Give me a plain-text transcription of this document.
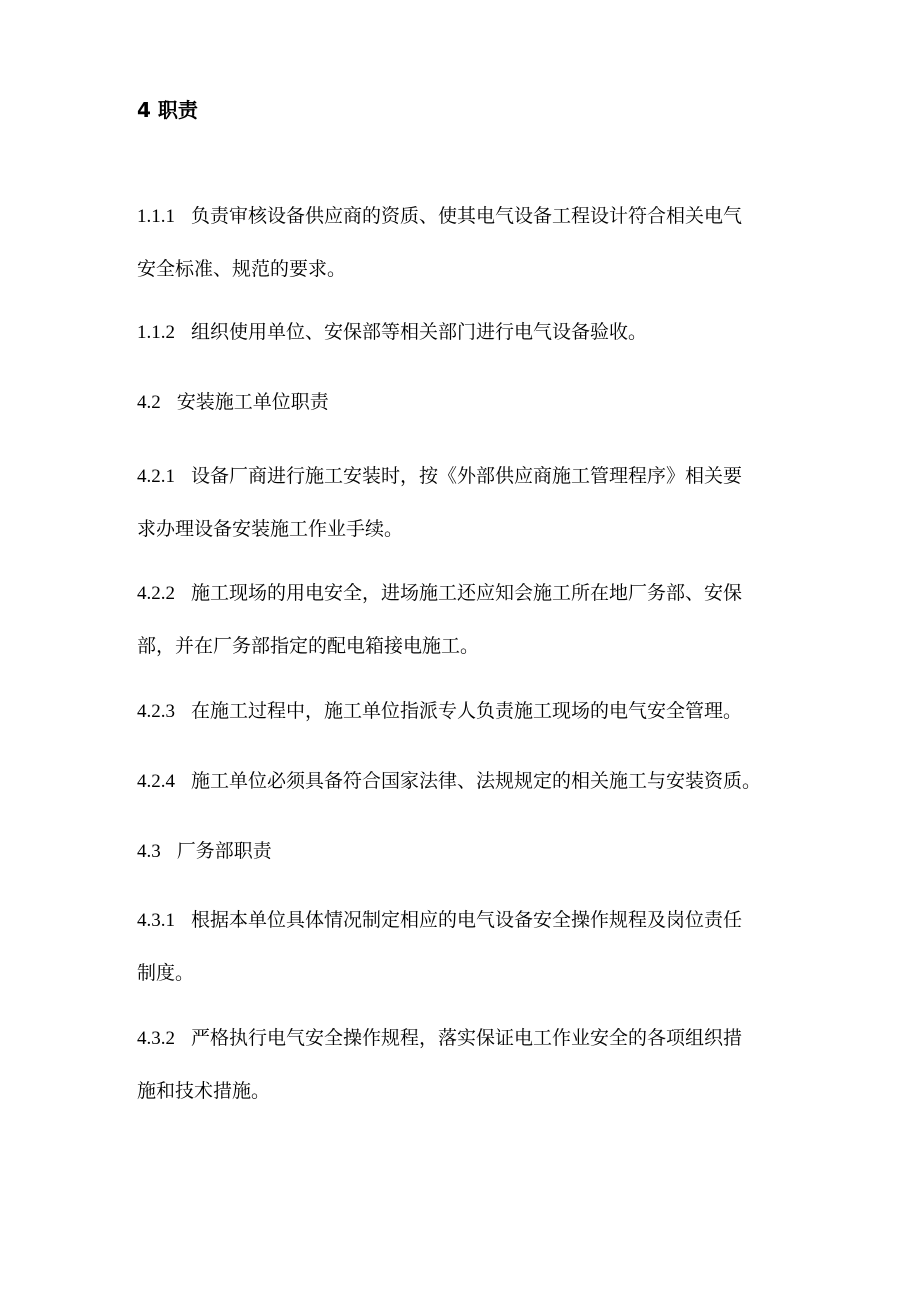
4 职责
1.1.1 负责审核设备供应商的资质、使其电气设备工程设计符合相关电气
安全标准、规范的要求。
1.1.2 组织使用单位、安保部等相关部门进行电气设备验收。
4.2 安装施工单位职责
4.2.1 设备厂商进行施工安装时，按《外部供应商施工管理程序》相关要
求办理设备安装施工作业手续。
4.2.2 施工现场的用电安全，进场施工还应知会施工所在地厂务部、安保
部，并在厂务部指定的配电箱接电施工。
4.2.3 在施工过程中，施工单位指派专人负责施工现场的电气安全管理。
4.2.4 施工单位必须具备符合国家法律、法规规定的相关施工与安装资质。
4.3 厂务部职责
4.3.1 根据本单位具体情况制定相应的电气设备安全操作规程及岗位责任
制度。
4.3.2 严格执行电气安全操作规程，落实保证电工作业安全的各项组织措
施和技术措施。
